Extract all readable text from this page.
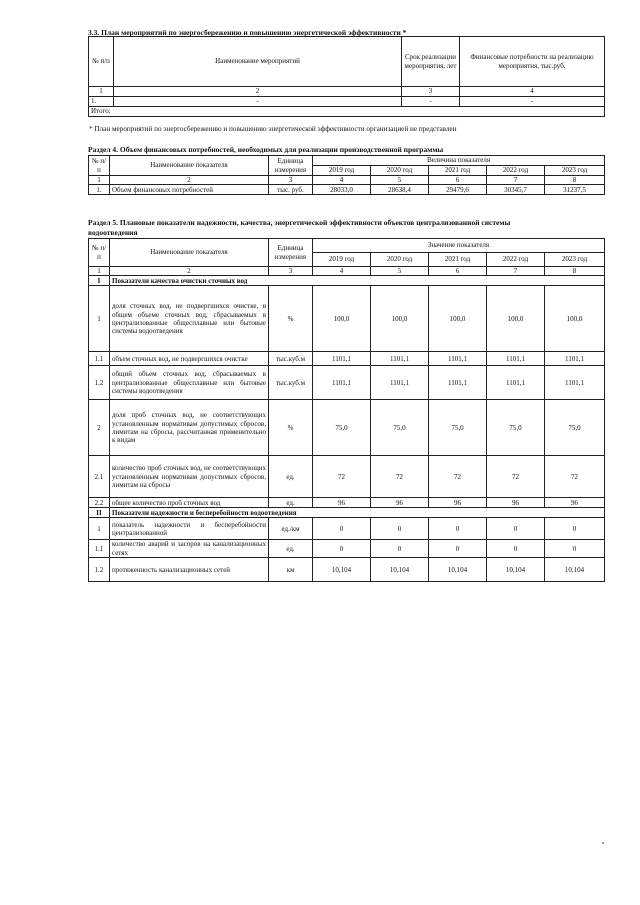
3.3. План мероприятий по энергосбережению и повышению энергетической эффективности *
№ п/п	Наименование мероприятий	Срок реализации мероприятия, лет	Финансовые потребности на реализацию мероприятия, тыс.руб.
1	2	3	4
1.	-	-	-
Итого:			
* План мероприятий по энергосбережению и повышению энергетической эффективности организацией не представлен
Раздел 4. Объем финансовых потребностей, необходимых для реализации производственной программы
№ п/п	Наименование показателя	Единица измерения	Величина показателя				
			2019 год	2020 год	2021 год	2022 год	2023 год
1	2	3	4	5	6	7	8
1.	Объем финансовых потребностей	тыс. руб.	28033,0	28638,4	29479,6	30345,7	31237,5
Раздел 5. Плановые показатели надежности, качества, энергетической эффективности объектов централизованной системы
водоотведения
№ п/п	Наименование показателя	Единица измерения	Значение показателя				
			2019 год	2020 год	2021 год	2022 год	2023 год
1	2	3	4	5	6	7	8
I	Показатели качества очистки сточных вод						
1	доля сточных вод, не подвергшихся очистке, в общем объеме сточных вод, сбрасываемых в централизованные общесплавные или бытовые системы водоотведения	%	100,0	100,0	100,0	100,0	100,0
1.1	объем сточных вод, не подвергшихся очистке	тыс.куб.м	1101,1	1101,1	1101,1	1101,1	1101,1
1.2	общий объем сточных вод, сбрасываемых в централизованные общесплавные или бытовые системы водоотведения	тыс.куб.м	1101,1	1101,1	1101,1	1101,1	1101,1
2	доля проб сточных вод, не соответствующих установленным нормативам допустимых сбросов, лимитам на сбросы, рассчитанная применительно к видам	%	75,0	75,0	75,0	75,0	75,0
2.1	количество проб сточных вод, не соответствующих установленным нормативам допустимых сбросов, лимитам на сбросы	ед.	72	72	72	72	72
2.2	общее количество проб сточных вод	ед.	96	96	96	96	96
II	Показатели надежности и бесперебойности водоотведения						
1	показатель надежности и бесперебойности централизованной	ед./км	0	0	0	0	0
1.1	количество аварий и засоров на канализационных сетях	ед.	0	0	0	0	0
1.2	протяженность канализационных сетей	км	10,104	10,104	10,104	10,104	10,104
